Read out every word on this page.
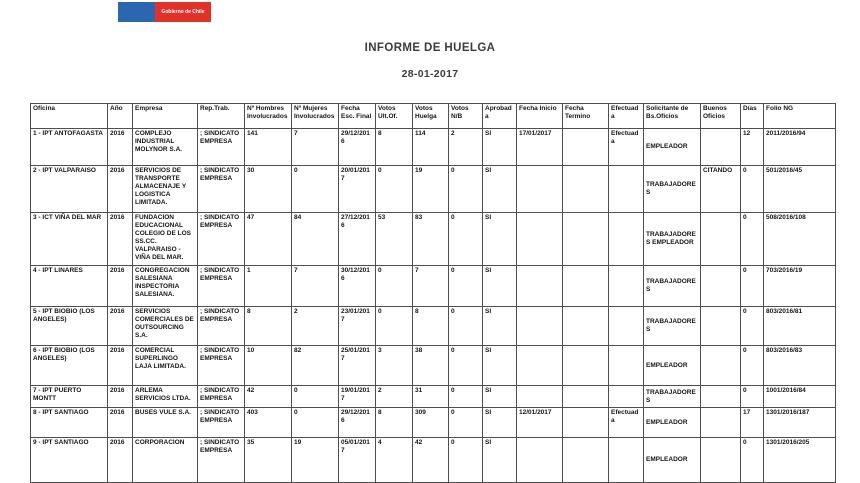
Gobierno de Chile
INFORME DE HUELGA
28-01-2017
Oficina	Año	Empresa	Rep.Trab.	Nº Hombres Involucrados	Nº Mujeres Involucrados	Fecha Esc. Final	Votos Ult.Of.	Votos Huelga	Votos N/B	Aprobada	Fecha Inicio	Fecha Termino	Efectuada	Solicitante de Bs.Oficios	Buenos Oficios	Días	Folio NG
1 - IPT ANTOFAGASTA	2016	COMPLEJO INDUSTRIAL MOLYNOR S.A.	; SINDICATO EMPRESA	141	7	29/12/2016	8	114	2	SI	17/01/2017		Efectuada	EMPLEADOR		12	2011/2016/94
2 - IPT VALPARAISO	2016	SERVICIOS DE TRANSPORTE ALMACENAJE Y LOGISTICA LIMITADA.	; SINDICATO EMPRESA	30	0	20/01/2017	0	19	0	SI				TRABAJADORES	CITANDO	0	501/2016/45
3 - ICT VIÑA DEL MAR	2016	FUNDACION EDUCACIONAL COLEGIO DE LOS SS.CC. VALPARAISO - VIÑA DEL MAR.	; SINDICATO EMPRESA	47	84	27/12/2016	53	83	0	SI				TRABAJADORES EMPLEADOR		0	508/2016/108
4 - IPT LINARES	2016	CONGREGACION SALESIANA INSPECTORIA SALESIANA.	; SINDICATO EMPRESA	1	7	30/12/2016	0	7	0	SI				TRABAJADORES		0	703/2016/19
5 - IPT BIOBIO (LOS ANGELES)	2016	SERVICIOS COMERCIALES DE OUTSOURCING S.A.	; SINDICATO EMPRESA	8	2	23/01/2017	0	8	0	SI				TRABAJADORES		0	803/2016/81
6 - IPT BIOBIO (LOS ANGELES)	2016	COMERCIAL SUPERLINGO LAJA LIMITADA.	; SINDICATO EMPRESA	10	82	25/01/2017	3	38	0	SI				EMPLEADOR		0	803/2016/83
7 - IPT PUERTO MONTT	2016	ARLEMA SERVICIOS LTDA.	; SINDICATO EMPRESA	42	0	19/01/2017	2	31	0	SI				TRABAJADORES		0	1001/2016/84
8 - IPT SANTIAGO	2016	BUSES VULE S.A.	; SINDICATO EMPRESA	403	0	29/12/2016	8	309	0	SI	12/01/2017		Efectuada	EMPLEADOR		17	1301/2016/187
9 - IPT SANTIAGO	2016	CORPORACION	; SINDICATO EMPRESA	35	19	05/01/2017	4	42	0	SI				EMPLEADOR		0	1301/2016/205
